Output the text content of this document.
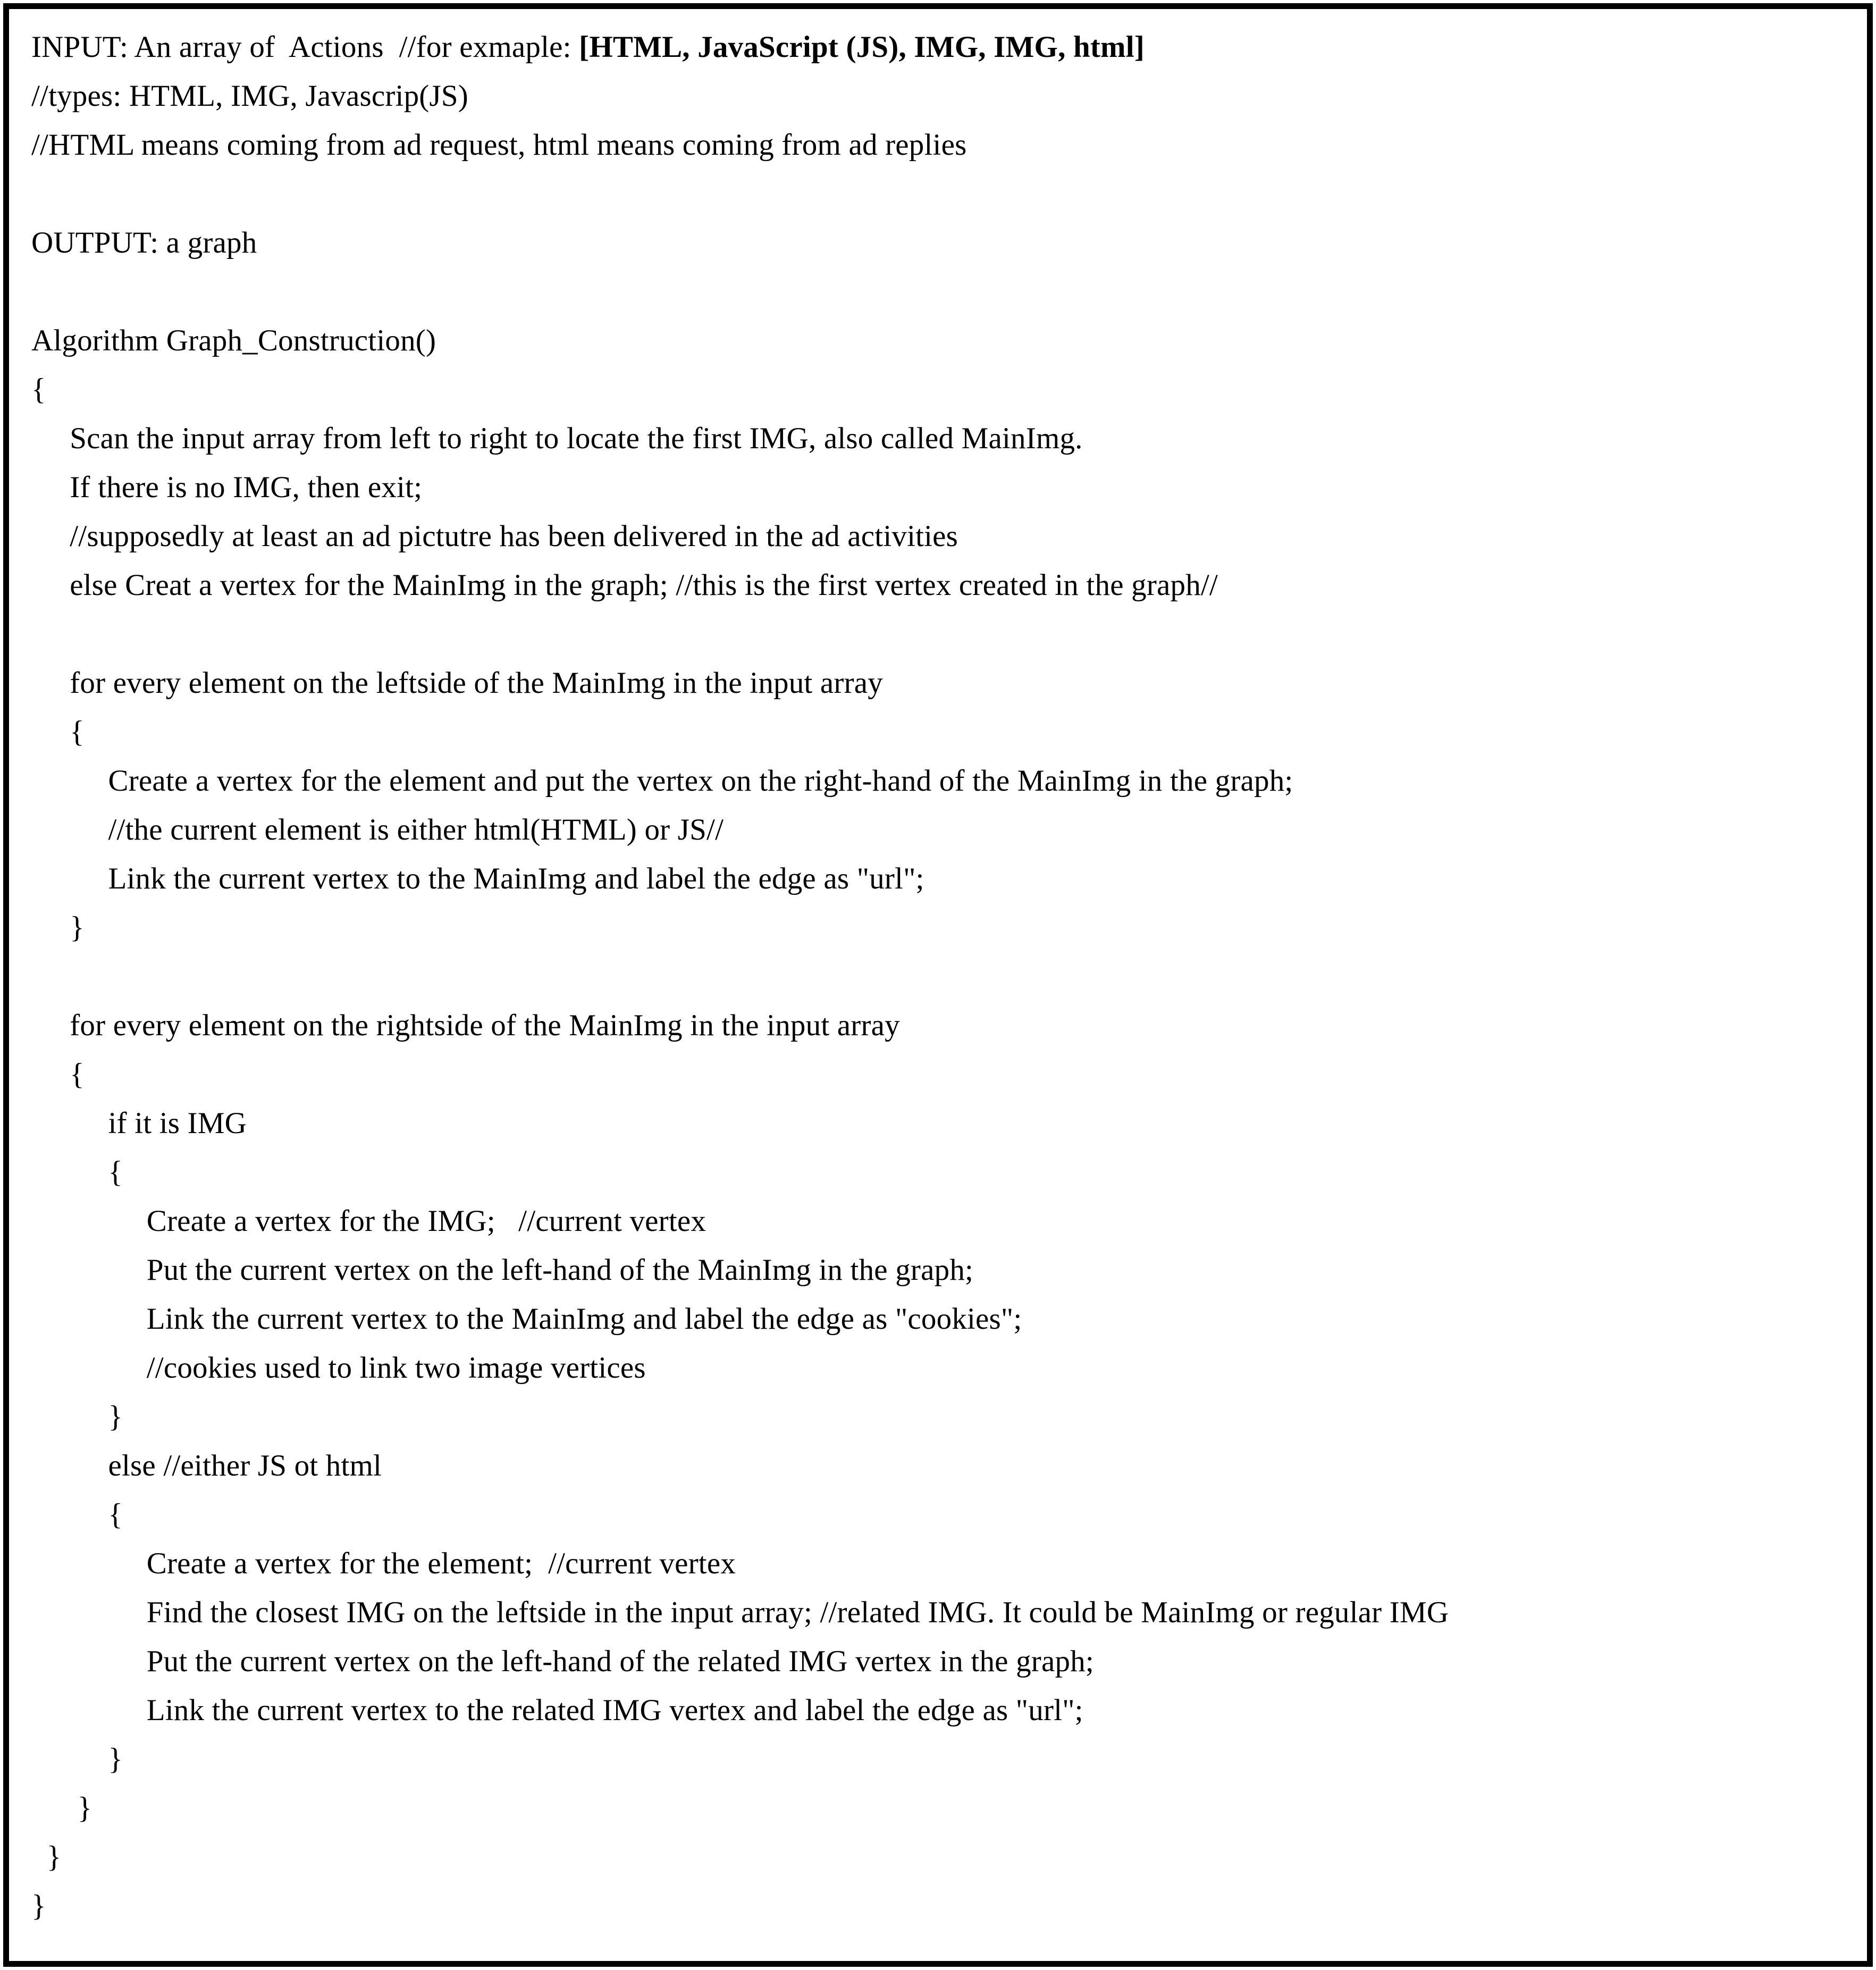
INPUT: An array of  Actions  //for exmaple: [HTML, JavaScript (JS), IMG, IMG, html]
//types: HTML, IMG, Javascrip(JS)
//HTML means coming from ad request, html means coming from ad replies
OUTPUT: a graph
Algorithm Graph_Construction()
{
Scan the input array from left to right to locate the first IMG, also called MainImg.
If there is no IMG, then exit;
//supposedly at least an ad pictutre has been delivered in the ad activities
else Creat a vertex for the MainImg in the graph; //this is the first vertex created in the graph//
for every element on the leftside of the MainImg in the input array
{
Create a vertex for the element and put the vertex on the right-hand of the MainImg in the graph;
//the current element is either html(HTML) or JS//
Link the current vertex to the MainImg and label the edge as "url";
}
for every element on the rightside of the MainImg in the input array
{
if it is IMG
{
Create a vertex for the IMG;   //current vertex
Put the current vertex on the left-hand of the MainImg in the graph;
Link the current vertex to the MainImg and label the edge as "cookies";
//cookies used to link two image vertices
}
else //either JS ot html
{
Create a vertex for the element;  //current vertex
Find the closest IMG on the leftside in the input array; //related IMG. It could be MainImg or regular IMG
Put the current vertex on the left-hand of the related IMG vertex in the graph;
Link the current vertex to the related IMG vertex and label the edge as "url";
}
}
}
}
